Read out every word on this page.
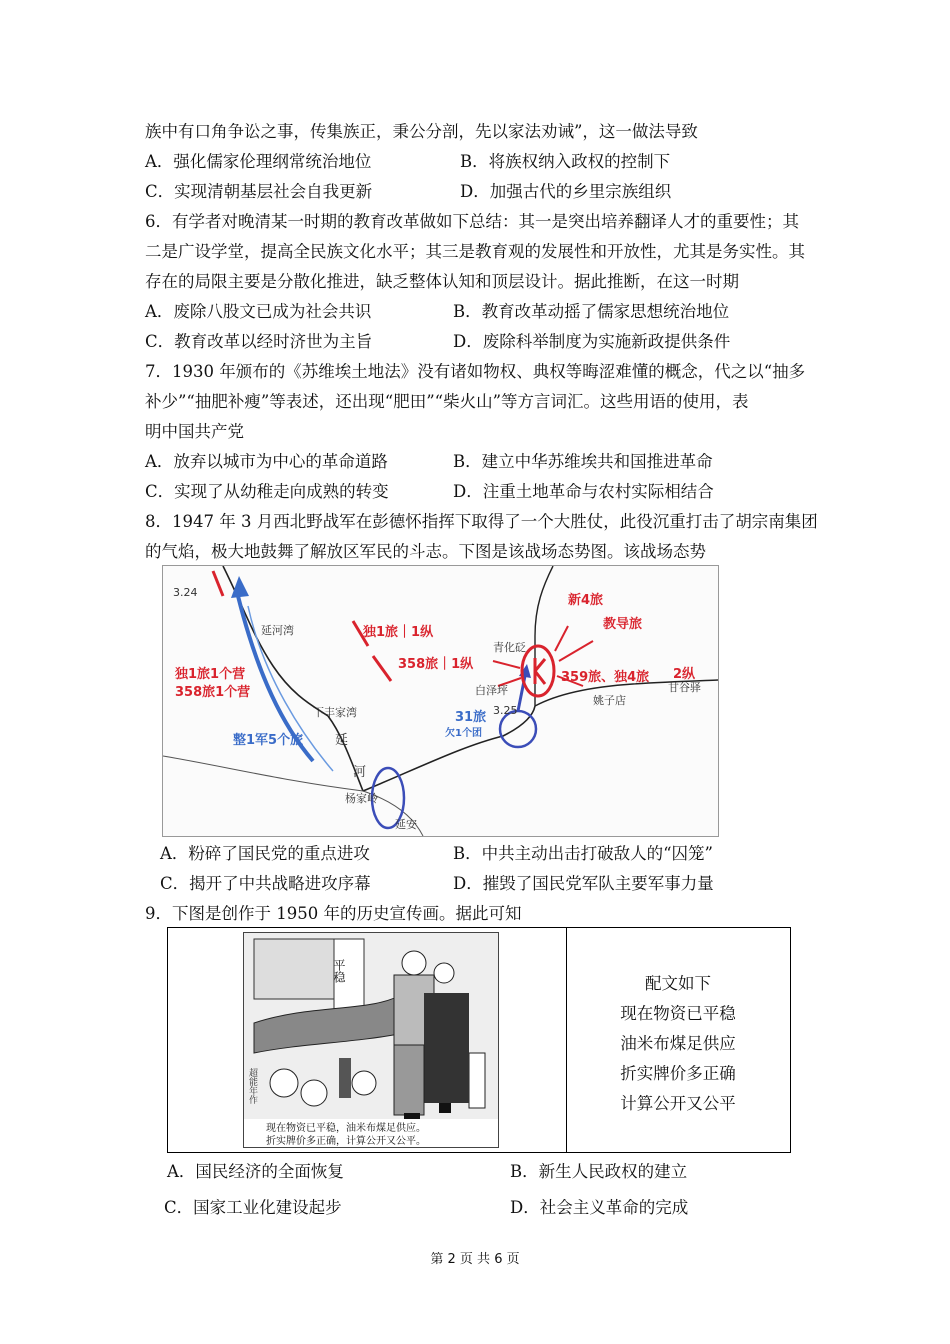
族中有口角争讼之事，传集族正，秉公分剖，先以家法劝诫”，这一做法导致
A．强化儒家伦理纲常统治地位	B．将族权纳入政权的控制下
C．实现清朝基层社会自我更新	D．加强古代的乡里宗族组织
6．有学者对晚清某一时期的教育改革做如下总结：其一是突出培养翻译人才的重要性；其
二是广设学堂，提高全民族文化水平；其三是教育观的发展性和开放性，尤其是务实性。其
存在的局限主要是分散化推进，缺乏整体认知和顶层设计。据此推断，在这一时期
A．废除八股文已成为社会共识	B．教育改革动摇了儒家思想统治地位
C．教育改革以经时济世为主旨	D．废除科举制度为实施新政提供条件
7．1930 年颁布的《苏维埃土地法》没有诸如物权、典权等晦涩难懂的概念，代之以“抽多
补少”“抽肥补瘦”等表述，还出现“肥田”“柴火山”等方言词汇。这些用语的使用，表
明中国共产党
A．放弃以城市为中心的革命道路	B．建立中华苏维埃共和国推进革命
C．实现了从幼稚走向成熟的转变	D．注重土地革命与农村实际相结合
8．1947 年 3 月西北野战军在彭德怀指挥下取得了一个大胜仗，此役沉重打击了胡宗南集团
的气焰，极大地鼓舞了解放区军民的斗志。下图是该战场态势图。该战场态势
3.24
延河湾
下丰家湾
延
河
杨家岭
延安
青化砭
白泽坪
3.25
甘谷驿
姚子店
独1旅｜1纵
358旅｜1纵
独1旅1个营
358旅1个营
新4旅
教导旅
359旅、独4旅 2纵
整1军5个旅
31旅
欠1个团
A．粉碎了国民党的重点进攻	B．中共主动出击打破敌人的“囚笼”
C．揭开了中共战略进攻序幕	D．摧毁了国民党军队主要军事力量
9．下图是创作于 1950 年的历史宣传画。据此可知
平稳
超能年作
现在物资已平稳，油米布煤足供应。
折实牌价多正确，计算公开又公平。
配文如下
现在物资已平稳
油米布煤足供应
折实牌价多正确
计算公开又公平
A．国民经济的全面恢复	B．新生人民政权的建立
C．国家工业化建设起步	D．社会主义革命的完成
第 2 页 共 6 页
